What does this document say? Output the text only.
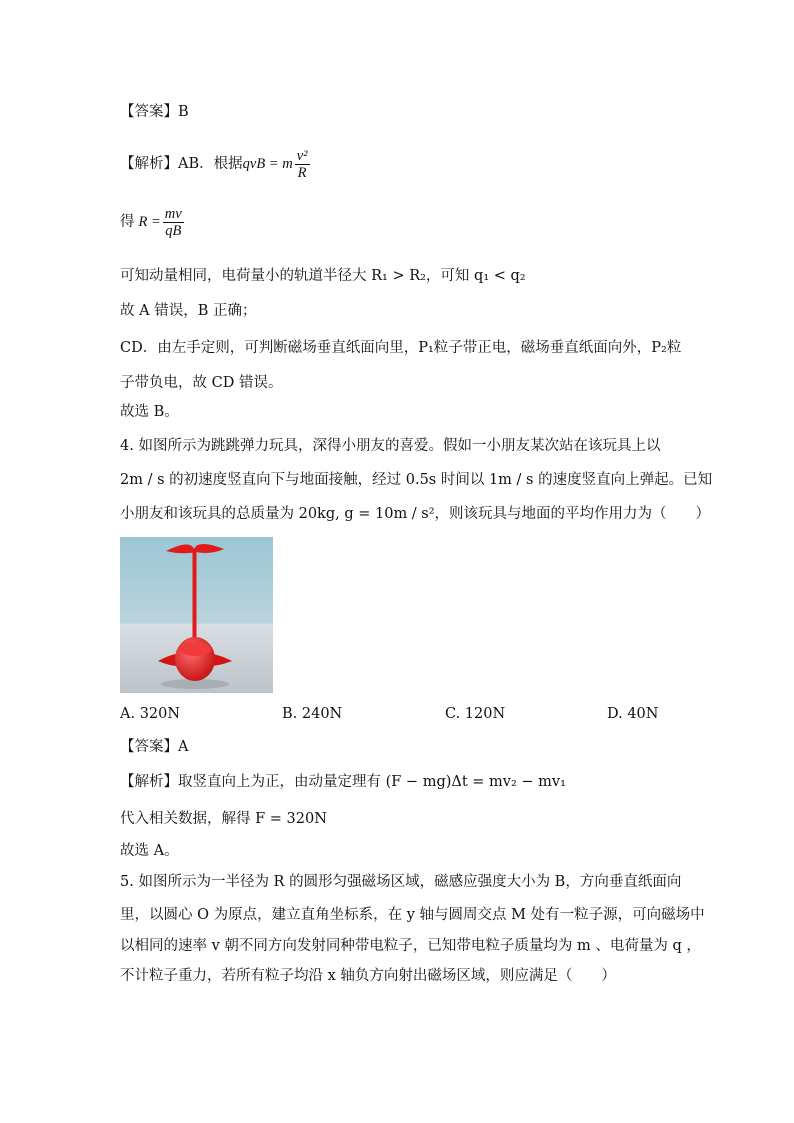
【答案】B
【解析】AB．根据 qvB = m $\frac{\text{v²}}{R}$
得 $R = \frac{mv}{qB}$
可知动量相同，电荷量小的轨道半径大 R₁ > R₂，可知 q₁ < q₂
故 A 错误，B 正确；
CD．由左手定则，可判断磁场垂直纸面向里，P₁粒子带正电，磁场垂直纸面向外，P₂粒
子带负电，故 CD 错误。
故选 B。
4. 如图所示为跳跳弹力玩具，深得小朋友的喜爱。假如一小朋友某次站在该玩具上以
2m / s 的初速度竖直向下与地面接触，经过 0.5s 时间以 1m / s 的速度竖直向上弹起。已知
小朋友和该玩具的总质量为 20kg, g = 10m / s²，则该玩具与地面的平均作用力为（　　）
A. 320N	B. 240N	C. 120N	D. 40N
【答案】A
【解析】取竖直向上为正，由动量定理有 (F − mg)Δt = mv₂ − mv₁
代入相关数据，解得 F = 320N
故选 A。
5. 如图所示为一半径为 R 的圆形匀强磁场区域，磁感应强度大小为 B，方向垂直纸面向
里，以圆心 O 为原点，建立直角坐标系，在 y 轴与圆周交点 M 处有一粒子源，可向磁场中
以相同的速率 v 朝不同方向发射同种带电粒子，已知带电粒子质量均为 m 、电荷量为 q ，
不计粒子重力，若所有粒子均沿 x 轴负方向射出磁场区域，则应满足（　　）
